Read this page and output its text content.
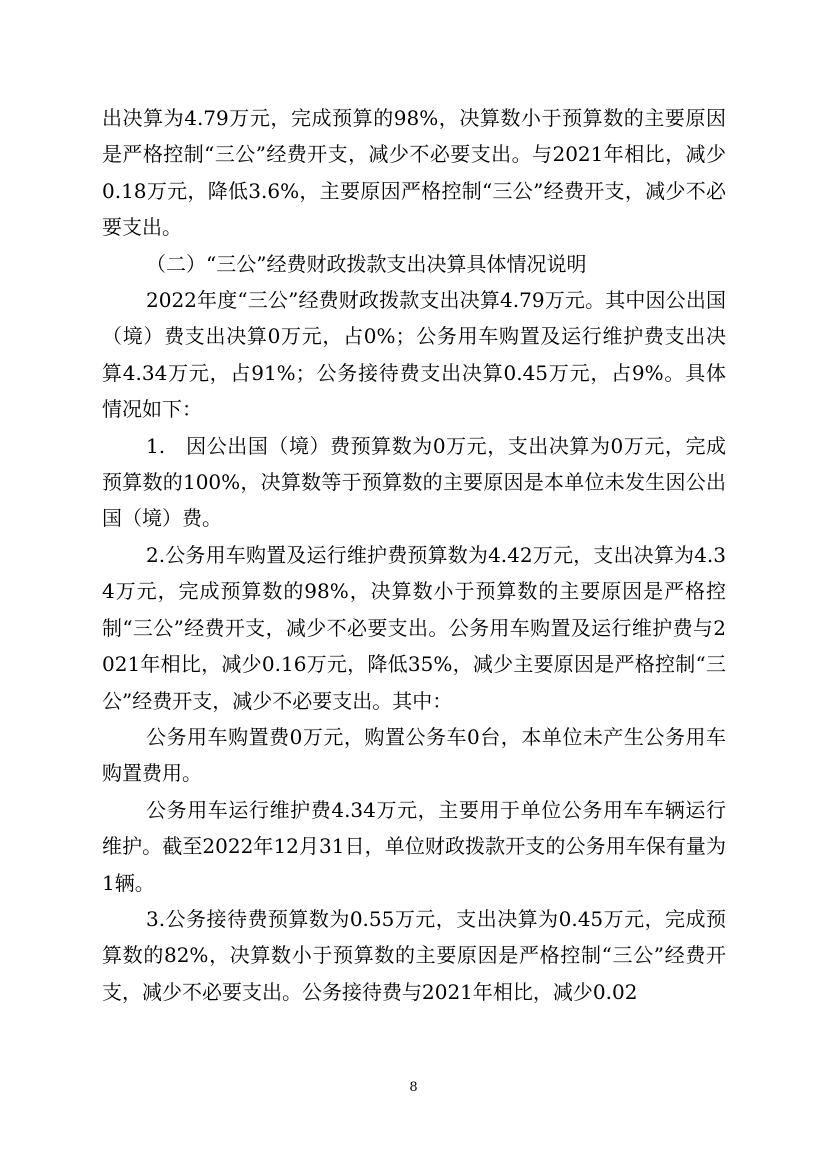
出决算为4.79万元，完成预算的98%，决算数小于预算数的主要原因是严格控制“三公”经费开支，减少不必要支出。与2021年相比，减少0.18万元，降低3.6%，主要原因严格控制“三公”经费开支，减少不必要支出。

（二）“三公”经费财政拨款支出决算具体情况说明

2022年度“三公”经费财政拨款支出决算4.79万元。其中因公出国（境）费支出决算0万元，占0%；公务用车购置及运行维护费支出决算4.34万元，占91%；公务接待费支出决算0.45万元，占9%。具体情况如下：

1.　因公出国（境）费预算数为0万元，支出决算为0万元，完成预算数的100%，决算数等于预算数的主要原因是本单位未发生因公出国（境）费。

2.公务用车购置及运行维护费预算数为4.42万元，支出决算为4.34万元，完成预算数的98%，决算数小于预算数的主要原因是严格控制“三公”经费开支，减少不必要支出。公务用车购置及运行维护费与2021年相比，减少0.16万元，降低35%，减少主要原因是严格控制“三公”经费开支，减少不必要支出。其中：

公务用车购置费0万元，购置公务车0台，本单位未产生公务用车购置费用。

公务用车运行维护费4.34万元，主要用于单位公务用车车辆运行维护。截至2022年12月31日，单位财政拨款开支的公务用车保有量为1辆。

3.公务接待费预算数为0.55万元，支出决算为0.45万元，完成预算数的82%，决算数小于预算数的主要原因是严格控制“三公”经费开支，减少不必要支出。公务接待费与2021年相比，减少0.02

8
